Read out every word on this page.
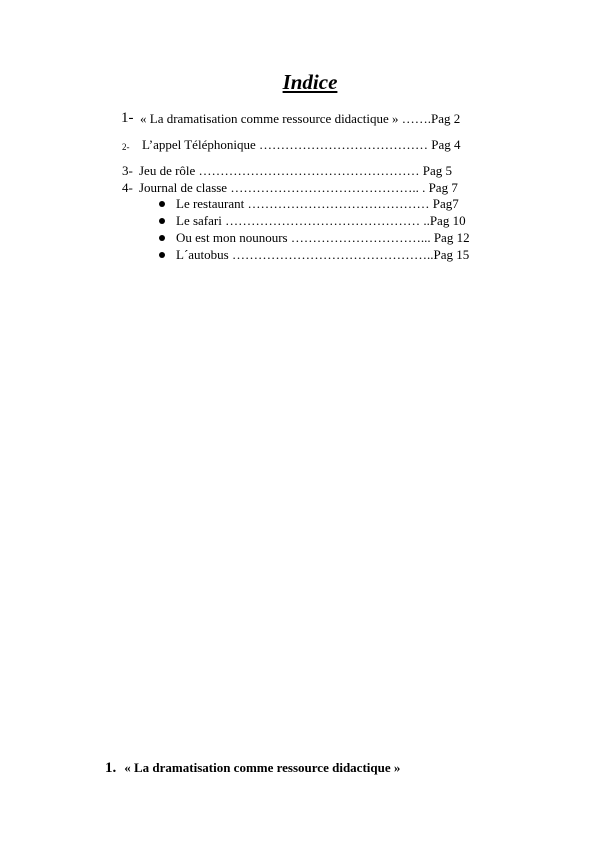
Indice
1- « La dramatisation comme ressource didactique » …….Pag 2
2- L’appel Téléphonique ………………………………… Pag 4
3- Jeu de rôle …………………………………………… Pag 5
4- Journal de classe …………………………………….. . Pag 7
Le restaurant …………………………………… Pag7
Le safari ……………………………………… ..Pag 10
Ou est mon nounours …………………………... Pag 12
L´autobus ………………………………………..Pag 15
1. « La dramatisation comme ressource didactique »
